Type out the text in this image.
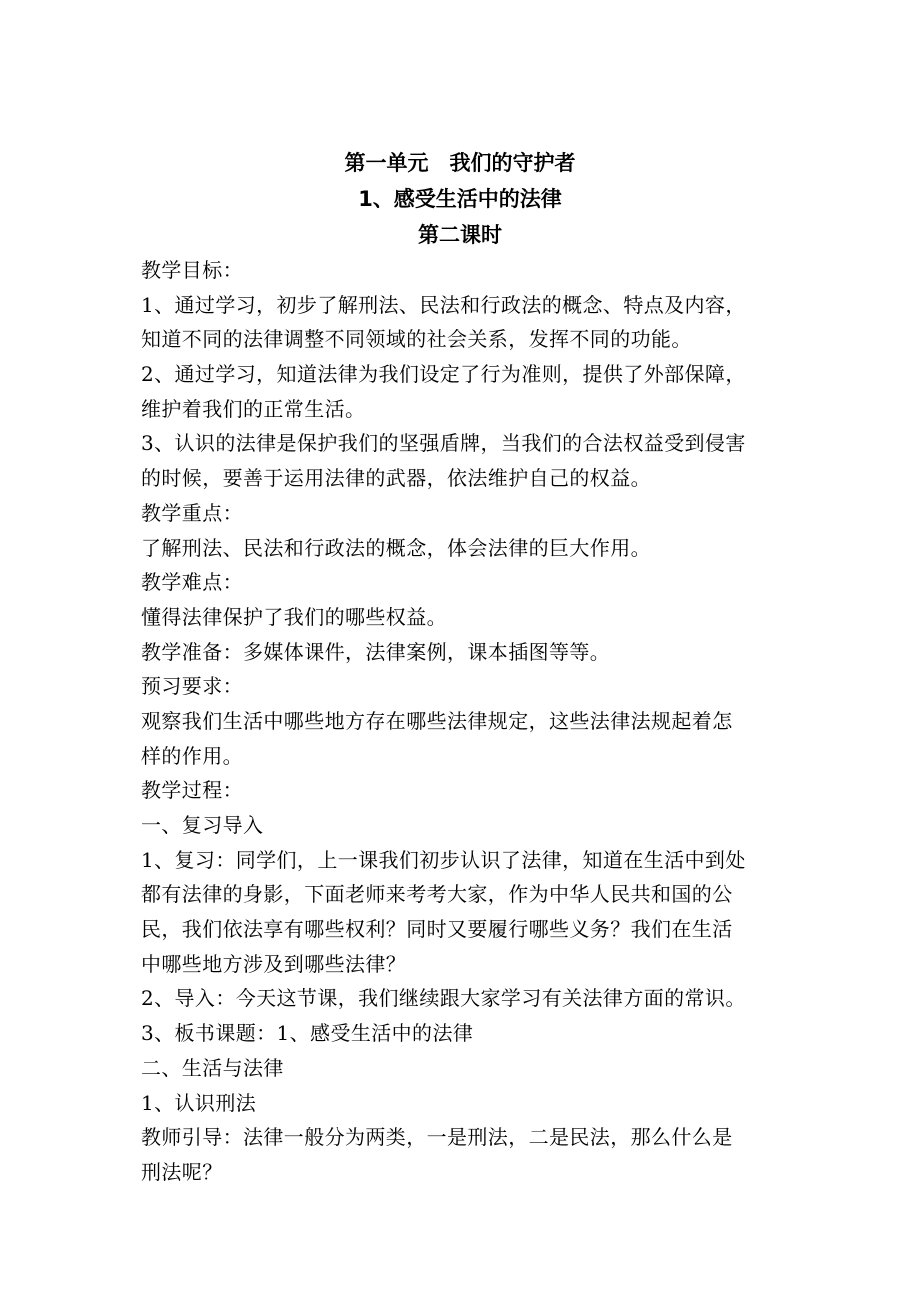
第一单元　我们的守护者
1、感受生活中的法律
第二课时
教学目标：
1、通过学习，初步了解刑法、民法和行政法的概念、特点及内容，
知道不同的法律调整不同领域的社会关系，发挥不同的功能。
2、通过学习，知道法律为我们设定了行为准则，提供了外部保障，
维护着我们的正常生活。
3、认识的法律是保护我们的坚强盾牌，当我们的合法权益受到侵害
的时候，要善于运用法律的武器，依法维护自己的权益。
教学重点：
了解刑法、民法和行政法的概念，体会法律的巨大作用。
教学难点：
懂得法律保护了我们的哪些权益。
教学准备：多媒体课件，法律案例，课本插图等等。
预习要求：
观察我们生活中哪些地方存在哪些法律规定，这些法律法规起着怎
样的作用。
教学过程：
一、复习导入
1、复习：同学们，上一课我们初步认识了法律，知道在生活中到处
都有法律的身影，下面老师来考考大家，作为中华人民共和国的公
民，我们依法享有哪些权利？同时又要履行哪些义务？我们在生活
中哪些地方涉及到哪些法律？
2、导入：今天这节课，我们继续跟大家学习有关法律方面的常识。
3、板书课题：1、感受生活中的法律
二、生活与法律
1、认识刑法
教师引导：法律一般分为两类，一是刑法，二是民法，那么什么是
刑法呢？
